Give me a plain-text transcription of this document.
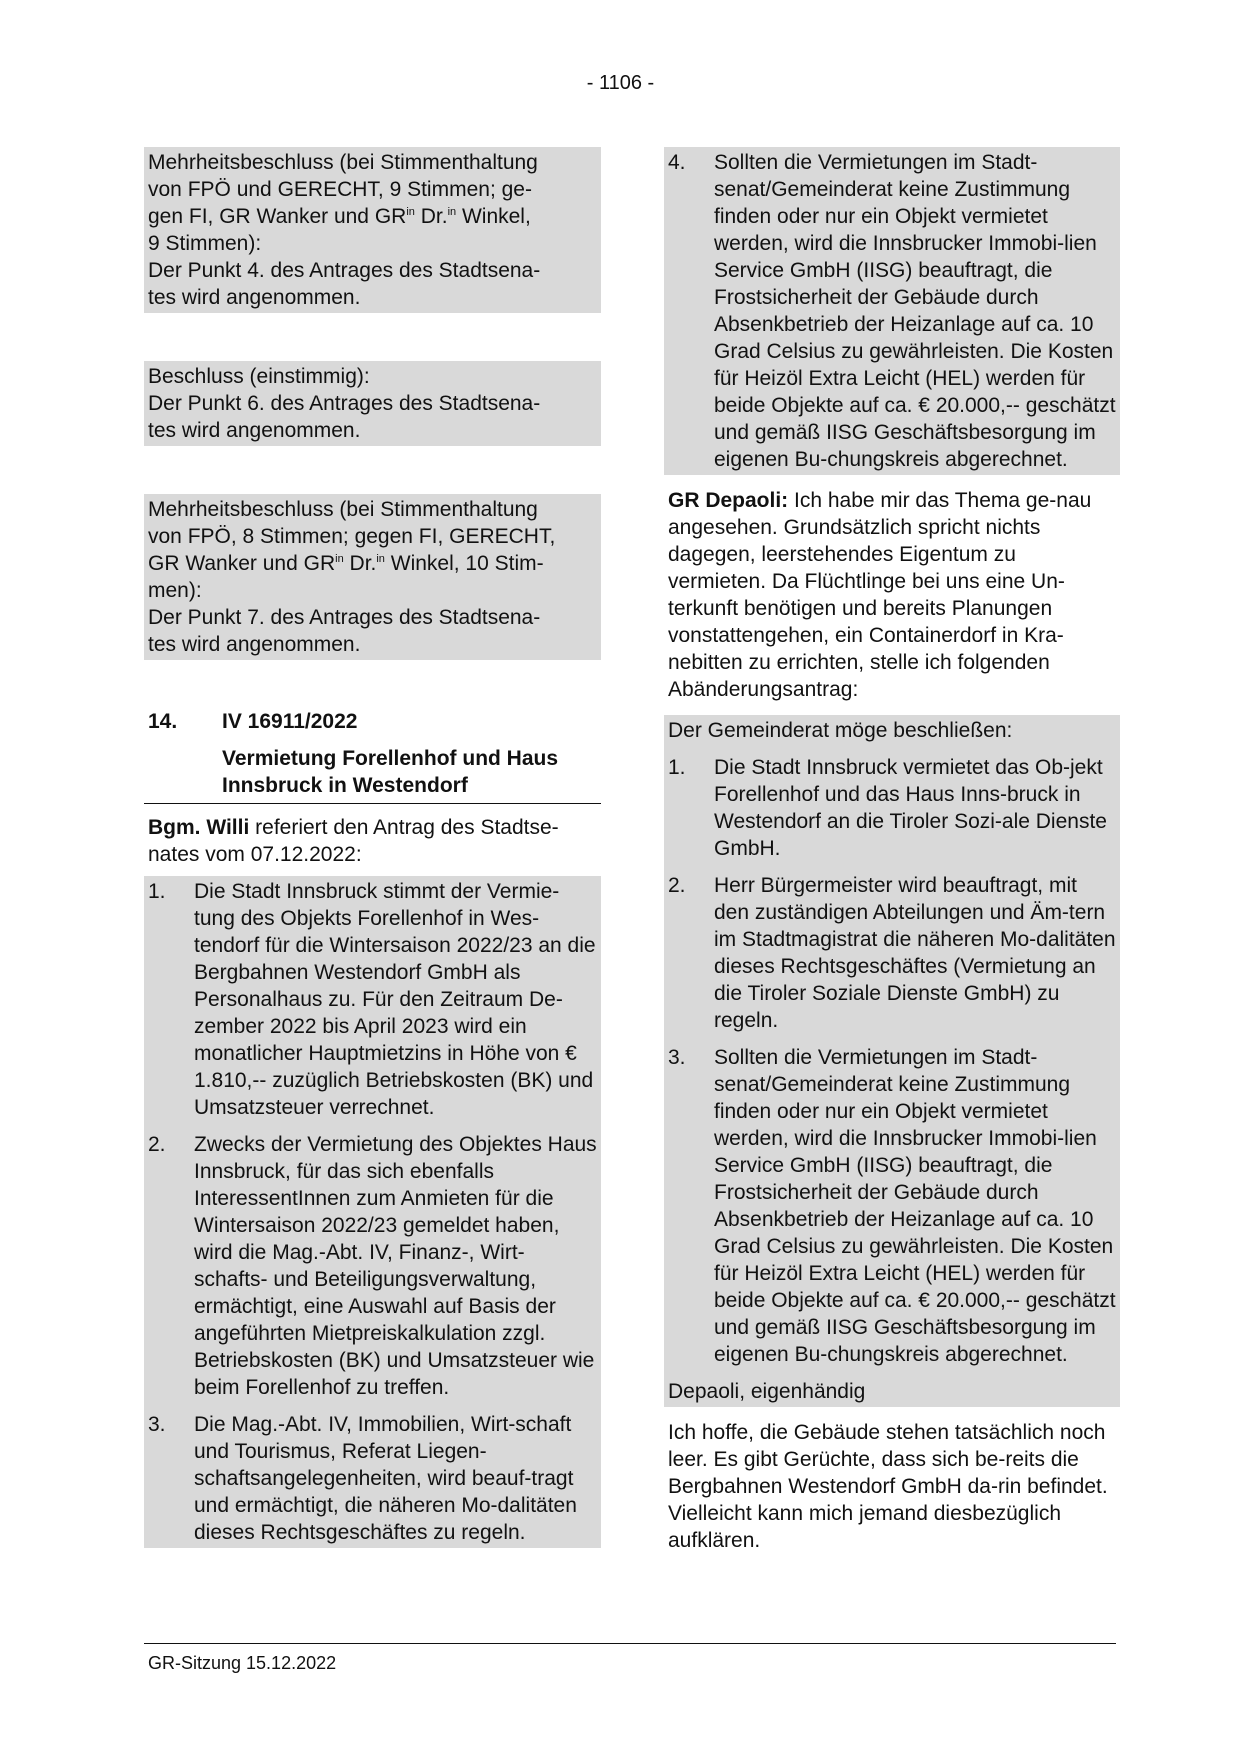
- 1106 -

Mehrheitsbeschluss (bei Stimmenthaltung
von FPÖ und GERECHT, 9 Stimmen; ge-
gen FI, GR Wanker und $GR^{in}$ Dr.$^{in}$ Winkel,
9 Stimmen):

Der Punkt 4. des Antrages des Stadtsena-tes wird angenommen.

Beschluss (einstimmig):

Der Punkt 6. des Antrages des Stadtsena-tes wird angenommen.

Mehrheitsbeschluss (bei Stimmenthaltung
von FPÖ, 8 Stimmen; gegen FI, GERECHT,
GR Wanker und $GR^{in}$ Dr.$^{in}$ Winkel, 10 Stim-
men):

Der Punkt 7. des Antrages des Stadtsena-tes wird angenommen.

14.	IV 16911/2022
Vermietung Forellenhof und Haus Innsbruck in Westendorf

Bgm. Willi referiert den Antrag des Stadtse-nates vom 07.12.2022:

1.	Die Stadt Innsbruck stimmt der Vermie-tung des Objekts Forellenhof in Wes-tendorf für die Wintersaison 2022/23 an die Bergbahnen Westendorf GmbH als Personalhaus zu. Für den Zeitraum De-zember 2022 bis April 2023 wird ein monatlicher Hauptmietzins in Höhe von € 1.810,-- zuzüglich Betriebskosten (BK) und Umsatzsteuer verrechnet.
2.	Zwecks der Vermietung des Objektes Haus Innsbruck, für das sich ebenfalls InteressentInnen zum Anmieten für die Wintersaison 2022/23 gemeldet haben, wird die Mag.-Abt. IV, Finanz-, Wirt-schafts- und Beteiligungsverwaltung, ermächtigt, eine Auswahl auf Basis der angeführten Mietpreiskalkulation zzgl. Betriebskosten (BK) und Umsatzsteuer wie beim Forellenhof zu treffen.
3.	Die Mag.-Abt. IV, Immobilien, Wirt-schaft und Tourismus, Referat Liegen-schaftsangelegenheiten, wird beauf-tragt und ermächtigt, die näheren Mo-dalitäten dieses Rechtsgeschäftes zu regeln.
4.	Sollten die Vermietungen im Stadt-senat/Gemeinderat keine Zustimmung finden oder nur ein Objekt vermietet werden, wird die Innsbrucker Immobi-lien Service GmbH (IISG) beauftragt, die Frostsicherheit der Gebäude durch Absenkbetrieb der Heizanlage auf ca. 10 Grad Celsius zu gewährleisten. Die Kosten für Heizöl Extra Leicht (HEL) werden für beide Objekte auf ca. € 20.000,-- geschätzt und gemäß IISG Geschäftsbesorgung im eigenen Bu-chungskreis abgerechnet.

GR Depaoli: Ich habe mir das Thema ge-nau angesehen. Grundsätzlich spricht nichts dagegen, leerstehendes Eigentum zu vermieten. Da Flüchtlinge bei uns eine Un-terkunft benötigen und bereits Planungen vonstattengehen, ein Containerdorf in Kra-nebitten zu errichten, stelle ich folgenden Abänderungsantrag:

Der Gemeinderat möge beschließen:

1.	Die Stadt Innsbruck vermietet das Ob-jekt Forellenhof und das Haus Inns-bruck in Westendorf an die Tiroler Sozi-ale Dienste GmbH.
2.	Herr Bürgermeister wird beauftragt, mit den zuständigen Abteilungen und Äm-tern im Stadtmagistrat die näheren Mo-dalitäten dieses Rechtsgeschäftes (Vermietung an die Tiroler Soziale Dienste GmbH) zu regeln.
3.	Sollten die Vermietungen im Stadt-senat/Gemeinderat keine Zustimmung finden oder nur ein Objekt vermietet werden, wird die Innsbrucker Immobi-lien Service GmbH (IISG) beauftragt, die Frostsicherheit der Gebäude durch Absenkbetrieb der Heizanlage auf ca. 10 Grad Celsius zu gewährleisten. Die Kosten für Heizöl Extra Leicht (HEL) werden für beide Objekte auf ca. € 20.000,-- geschätzt und gemäß IISG Geschäftsbesorgung im eigenen Bu-chungskreis abgerechnet.

Depaoli, eigenhändig

Ich hoffe, die Gebäude stehen tatsächlich noch leer. Es gibt Gerüchte, dass sich be-reits die Bergbahnen Westendorf GmbH da-rin befindet. Vielleicht kann mich jemand diesbezüglich aufklären.

GR-Sitzung 15.12.2022
